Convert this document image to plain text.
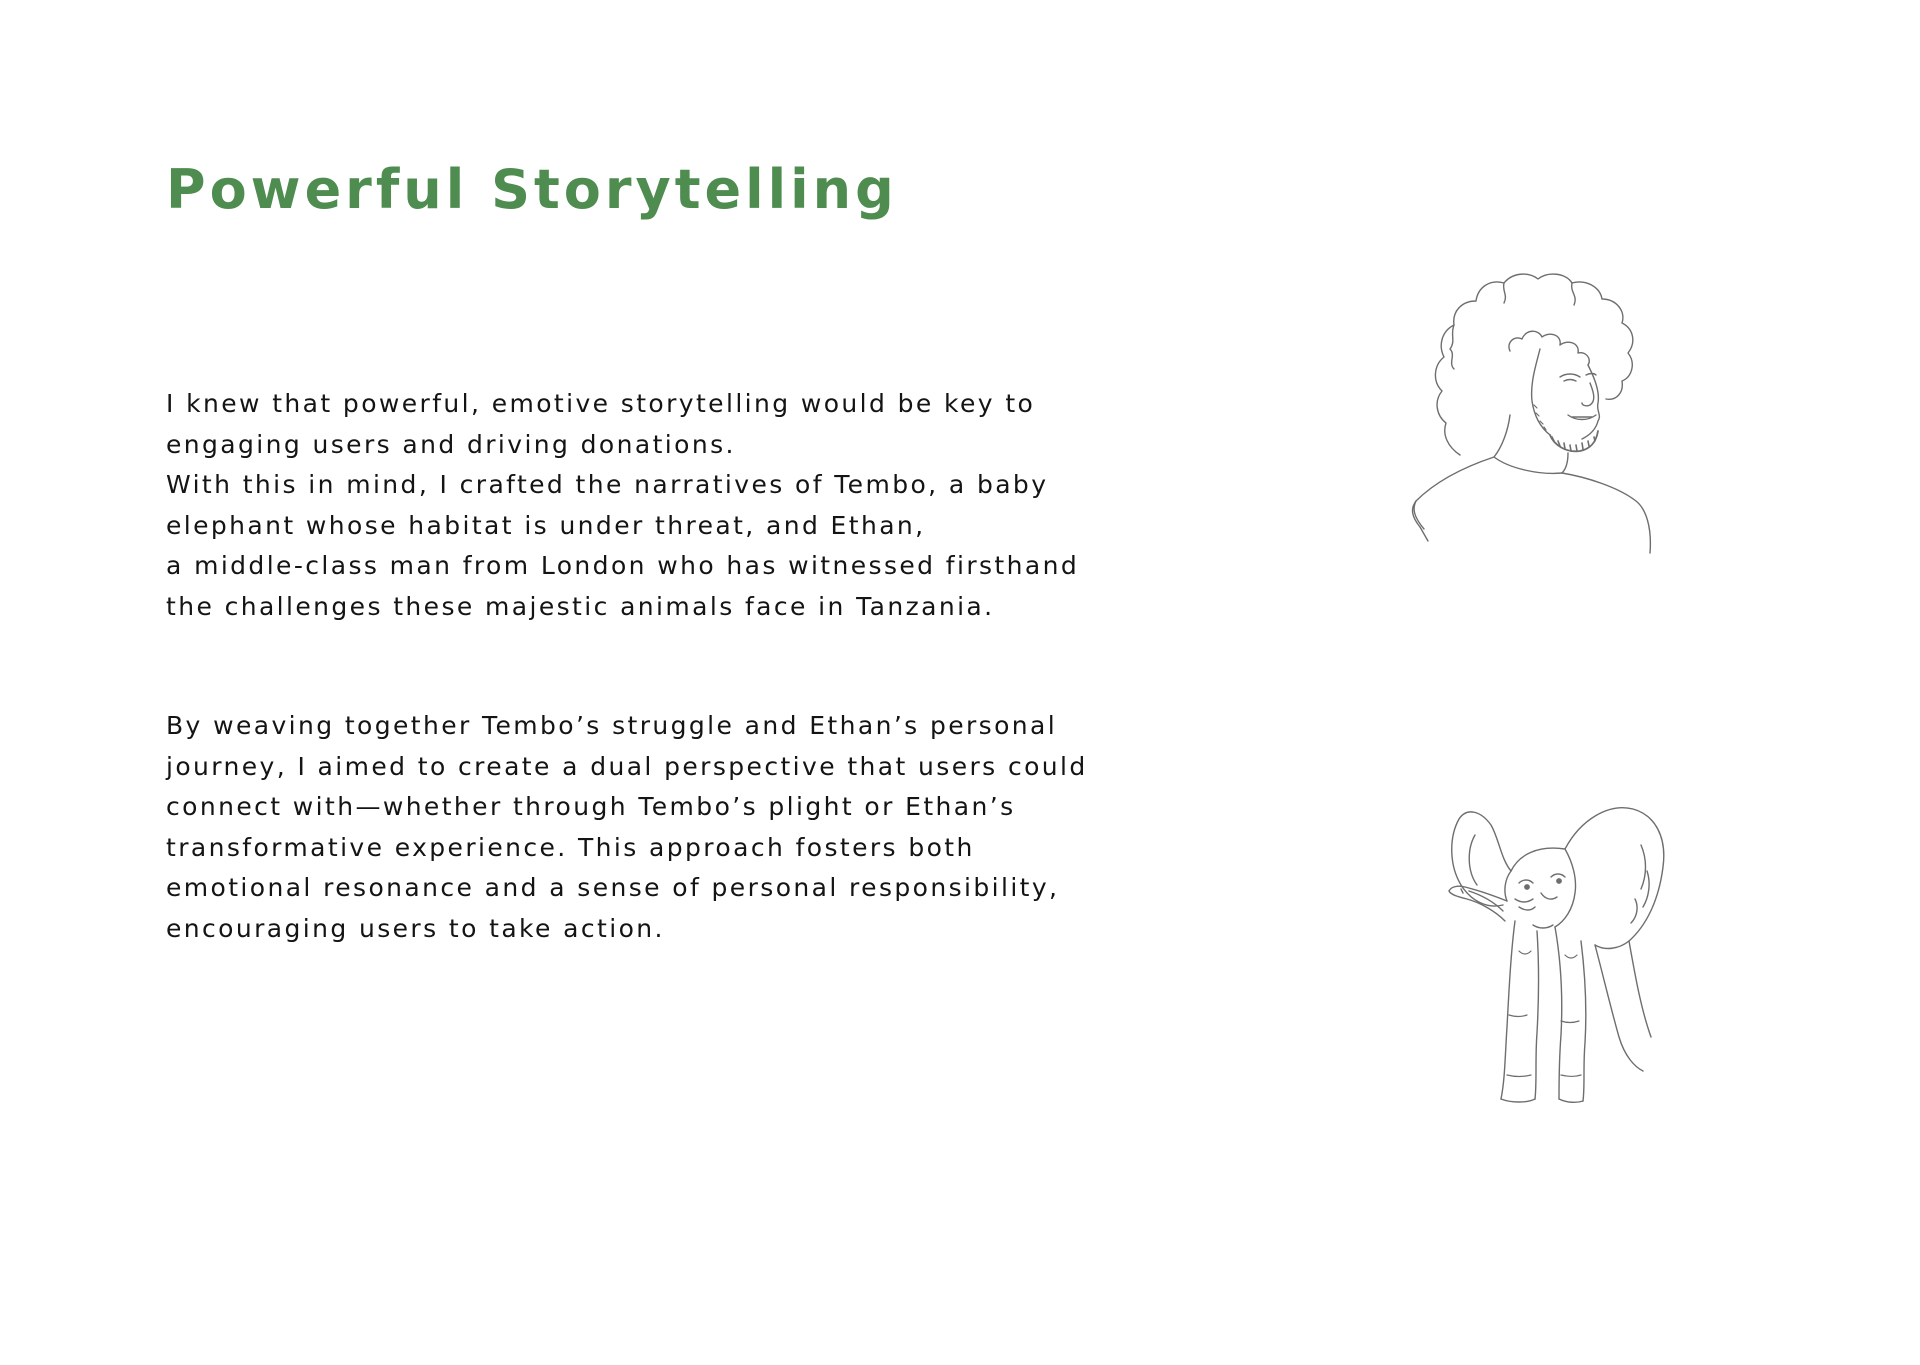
Powerful Storytelling

I knew that powerful, emotive storytelling would be key to
engaging users and driving donations.
With this in mind, I crafted the narratives of Tembo, a baby
elephant whose habitat is under threat, and Ethan,
a middle-class man from London who has witnessed firsthand
the challenges these majestic animals face in Tanzania.

By weaving together Tembo’s struggle and Ethan’s personal
journey, I aimed to create a dual perspective that users could
connect with—whether through Tembo’s plight or Ethan’s
transformative experience. This approach fosters both
emotional resonance and a sense of personal responsibility,
encouraging users to take action.
